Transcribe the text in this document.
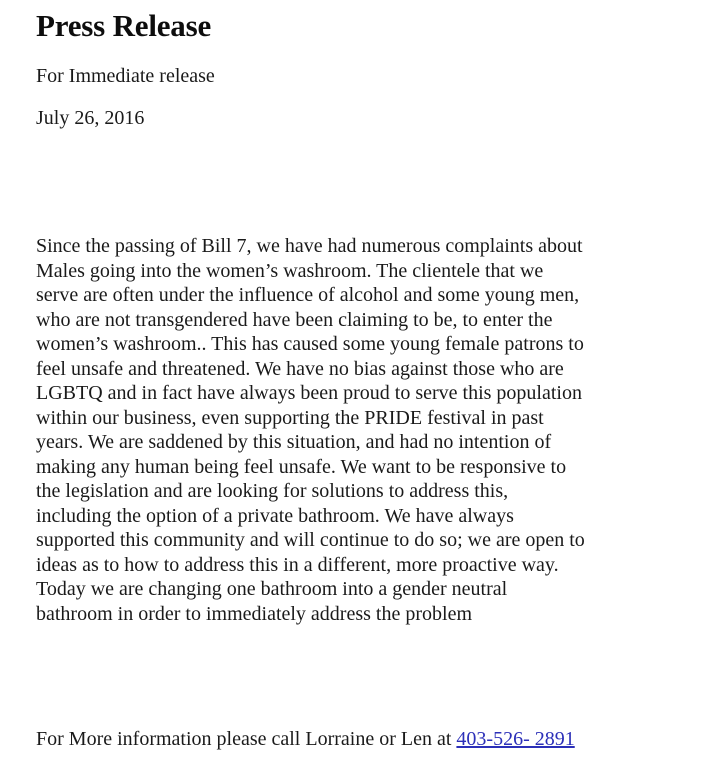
Press Release

For Immediate release

July 26, 2016

Since the passing of Bill 7, we have had numerous complaints about
Males going into the women’s washroom. The clientele that we
serve are often under the influence of alcohol and some young men,
who are not transgendered have been claiming to be, to enter the
women’s washroom.. This has caused some young female patrons to
feel unsafe and threatened. We have no bias against those who are
LGBTQ and in fact have always been proud to serve this population
within our business, even supporting the PRIDE festival in past
years. We are saddened by this situation, and had no intention of
making any human being feel unsafe. We want to be responsive to
the legislation and are looking for solutions to address this,
including the option of a private bathroom. We have always
supported this community and will continue to do so; we are open to
ideas as to how to address this in a different, more proactive way.
Today we are changing one bathroom into a gender neutral
bathroom in order to immediately address the problem
For More information please call Lorraine or Len at 403-526- 2891
